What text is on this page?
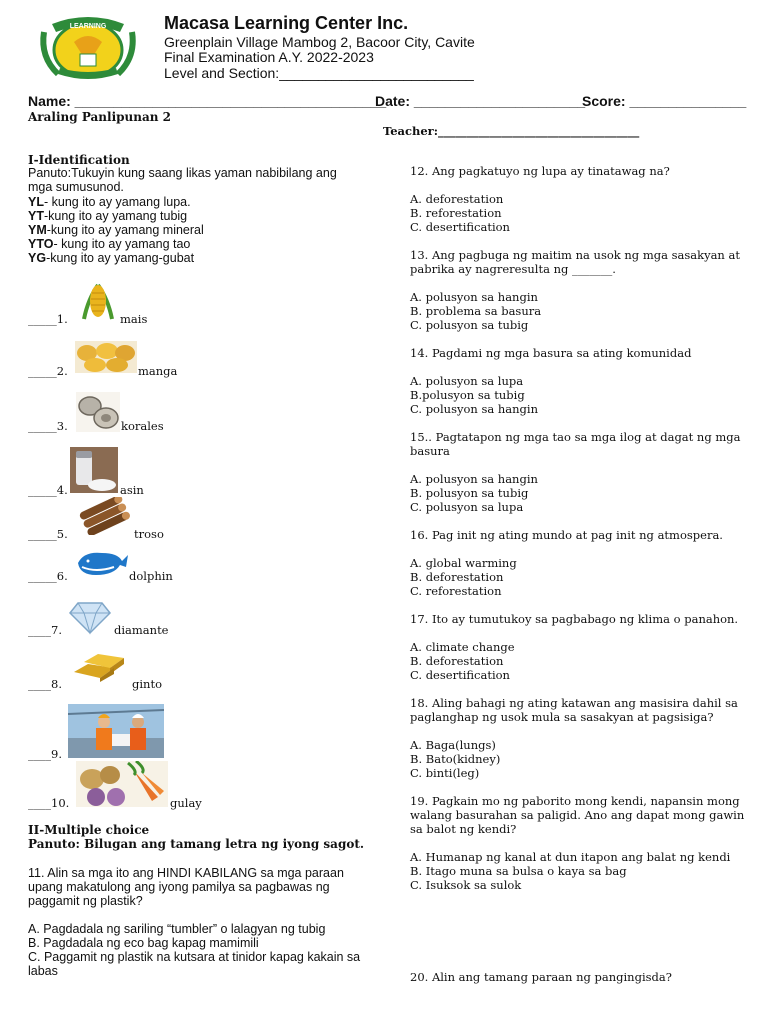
LEARNING	Macasa Learning Center Inc.
Greenplain Village Mambog 2, Bacoor City, Cavite
Final Examination A.Y. 2022-2023
Level and Section:_________________________
Name: ________________________________________
Date: ______________________
Score: _______________
Araling Panlipunan 2
Teacher:___________________________________
I-Identification
Panuto:Tukuyin kung saang likas yaman nabibilang ang mga sumusunod.
YL- kung ito ay yamang lupa.
YT-kung ito ay yamang tubig
YM-kung ito ay yamang mineral
YTO- kung ito ay yamang tao
YG-kung ito ay yamang-gubat
_____1.	mais
_____2.	manga
_____3.	korales
_____4.	asin
_____5.	troso
_____6.	dolphin
____7.	diamante
____8.	ginto
____9.
____10.	gulay
II-Multiple choice
Panuto: Bilugan ang tamang letra ng iyong sagot.
11. Alin sa mga ito ang HINDI KABILANG sa mga paraan upang makatulong ang iyong pamilya sa pagbawas ng paggamit ng plastik?
A. Pagdadala ng sariling “tumbler” o lalagyan ng tubig
B. Pagdadala ng eco bag kapag mamimili
C. Paggamit ng plastik na kutsara at tinidor kapag kakain sa labas

12. Ang pagkatuyo ng lupa ay tinatawag na?

A. deforestation
B. reforestation
C. desertification

13. Ang pagbuga ng maitim na usok ng mga sasakyan at pabrika ay nagreresulta ng _______.

A. polusyon sa hangin
B. problema sa basura
C. polusyon sa tubig

14. Pagdami ng mga basura sa ating komunidad

A. polusyon sa lupa
B.polusyon sa tubig
C. polusyon sa hangin

15.. Pagtatapon ng mga tao sa mga ilog at dagat ng mga basura

A. polusyon sa hangin
B. polusyon sa tubig
C. polusyon sa lupa

16. Pag init ng ating mundo at pag init ng atmospera.

A. global warming
B. deforestation
C. reforestation

17. Ito ay tumutukoy sa pagbabago ng klima o panahon.

A. climate change
B. deforestation
C. desertification

18. Aling bahagi ng ating katawan ang masisira dahil sa paglanghap ng usok mula sa sasakyan at pagsisiga?

A. Baga(lungs)
B. Bato(kidney)
C. binti(leg)

19. Pagkain mo ng paborito mong kendi, napansin mong walang basurahan sa paligid. Ano ang dapat mong gawin sa balot ng kendi?

A. Humanap ng kanal at dun itapon ang balat ng kendi
B. Itago muna sa bulsa o kaya sa bag
C. Isuksok sa sulok
20. Alin ang tamang paraan ng pangingisda?
